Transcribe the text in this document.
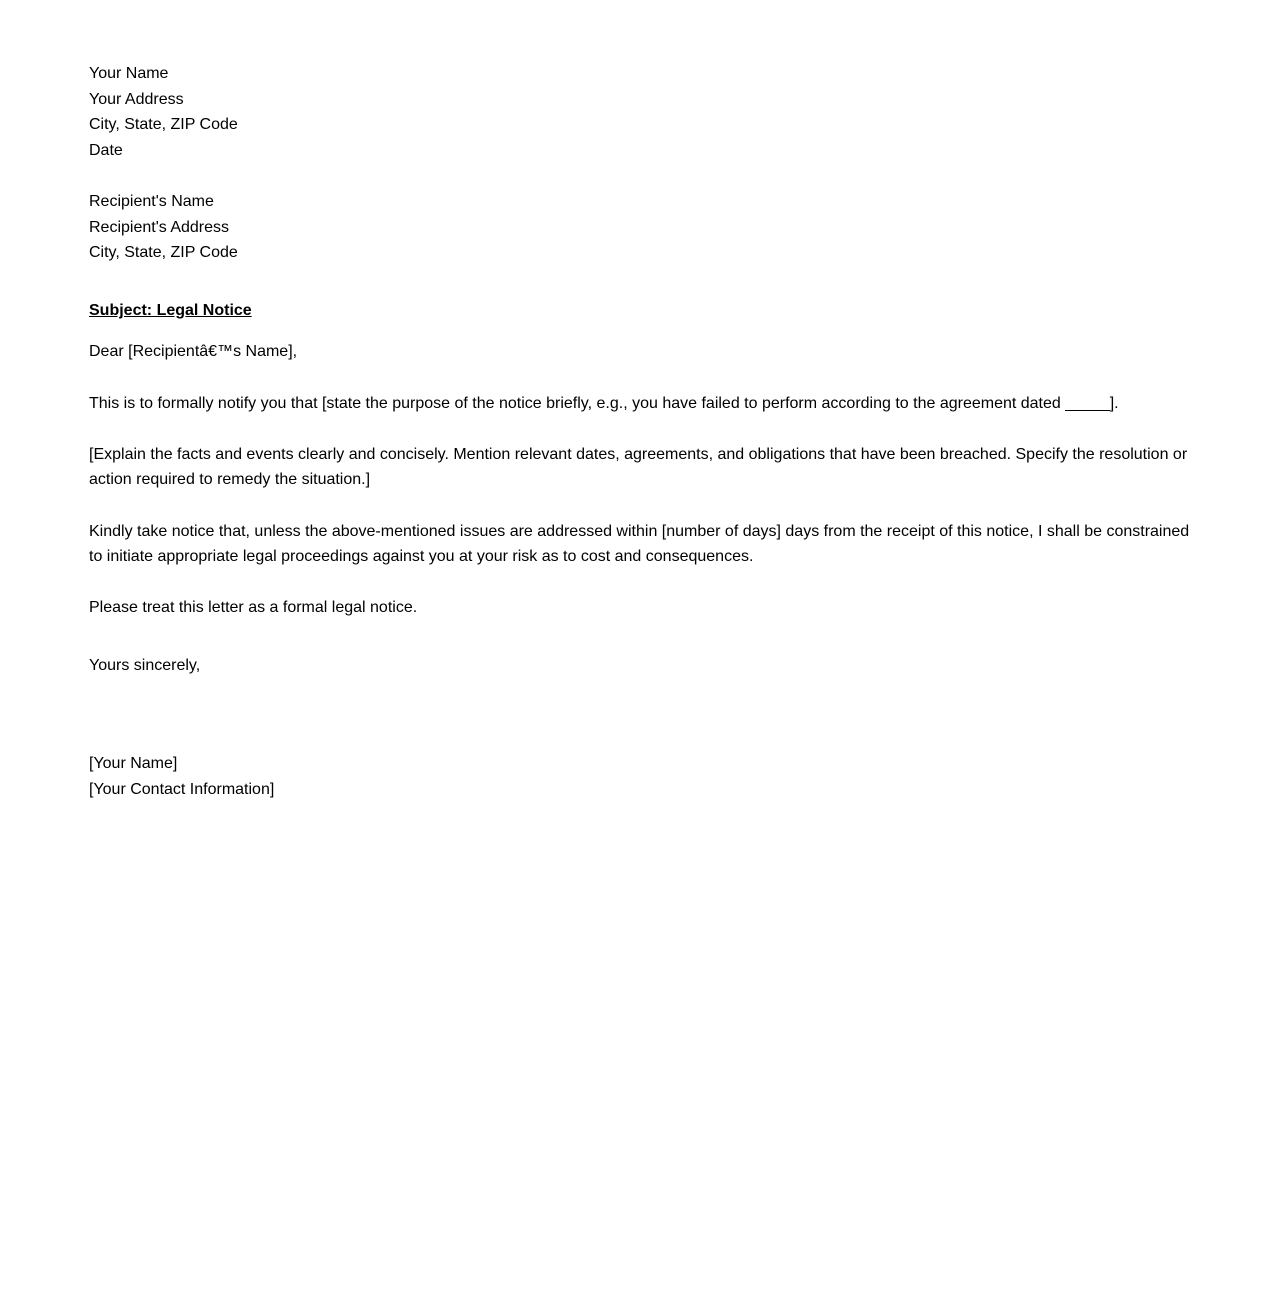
Your Name
Your Address
City, State, ZIP Code
Date
Recipient's Name
Recipient's Address
City, State, ZIP Code
Subject: Legal Notice
Dear [Recipientâ€™s Name],

This is to formally notify you that [state the purpose of the notice briefly, e.g., you have failed to perform according to the agreement dated _____].

[Explain the facts and events clearly and concisely. Mention relevant dates, agreements, and obligations that have been breached. Specify the resolution or action required to remedy the situation.]

Kindly take notice that, unless the above-mentioned issues are addressed within [number of days] days from the receipt of this notice, I shall be constrained to initiate appropriate legal proceedings against you at your risk as to cost and consequences.

Please treat this letter as a formal legal notice.

Yours sincerely,
[Your Name]
[Your Contact Information]
